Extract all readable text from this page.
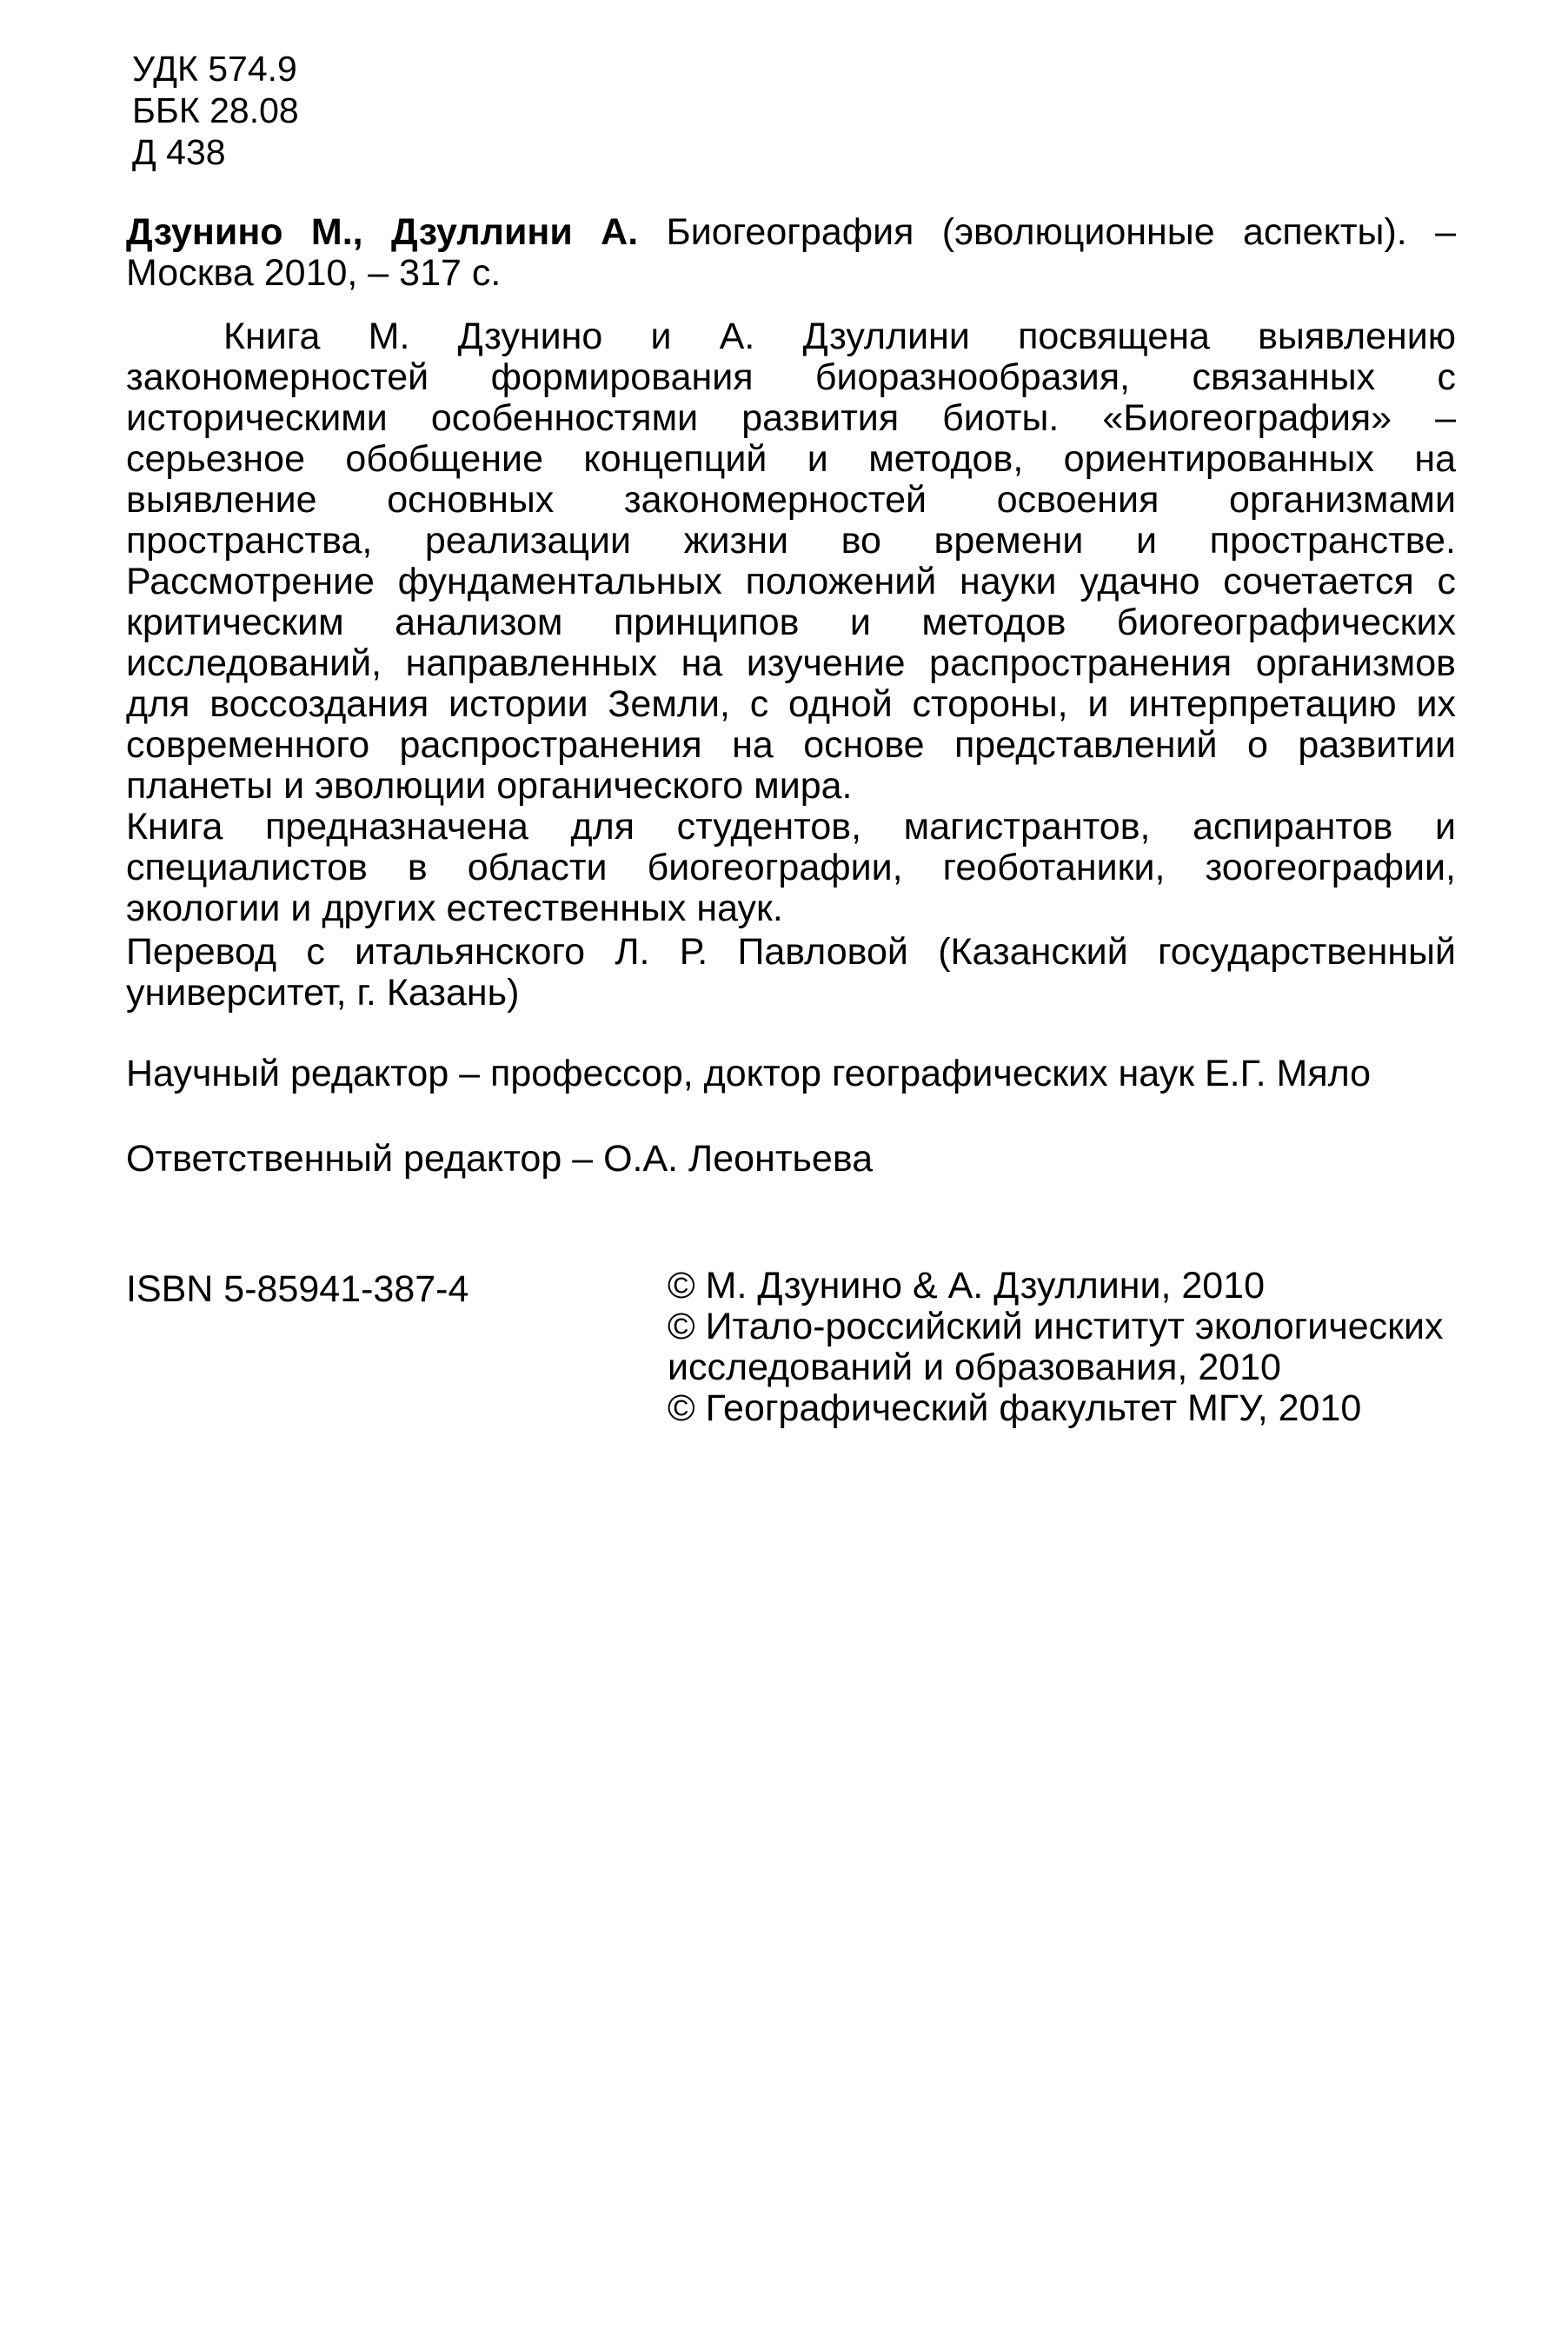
УДК 574.9
ББК 28.08
Д 438
Дзунино М., Дзуллини А. Биогеография (эволюционные аспекты). – Москва 2010, – 317 с.

Книга М. Дзунино и А. Дзуллини посвящена выявлению закономерностей формирования биоразнообразия, связанных с историческими особенностями развития биоты. «Биогеография» – серьезное обобщение концепций и методов, ориентированных на выявление основных закономерностей освоения организмами пространства, реализации жизни во времени и пространстве. Рассмотрение фундаментальных положений науки удачно сочетается с критическим анализом принципов и методов биогеографических исследований, направленных на изучение распространения организмов для воссоздания истории Земли, с одной стороны, и интерпретацию их современного распространения на основе представлений о развитии планеты и эволюции органического мира.

Книга предназначена для студентов, магистрантов, аспирантов и специалистов в области биогеографии, геоботаники, зоогеографии, экологии и других естественных наук.

Перевод с итальянского Л. Р. Павловой (Казанский государственный университет, г. Казань)
Научный редактор – профессор, доктор географических наук Е.Г. Мяло
Ответственный редактор – О.А. Леонтьева
ISBN 5-85941-387-4	© М. Дзунино & А. Дзуллини, 2010
© Итало-российский институт экологических
исследований и образования, 2010
© Географический факультет МГУ, 2010
